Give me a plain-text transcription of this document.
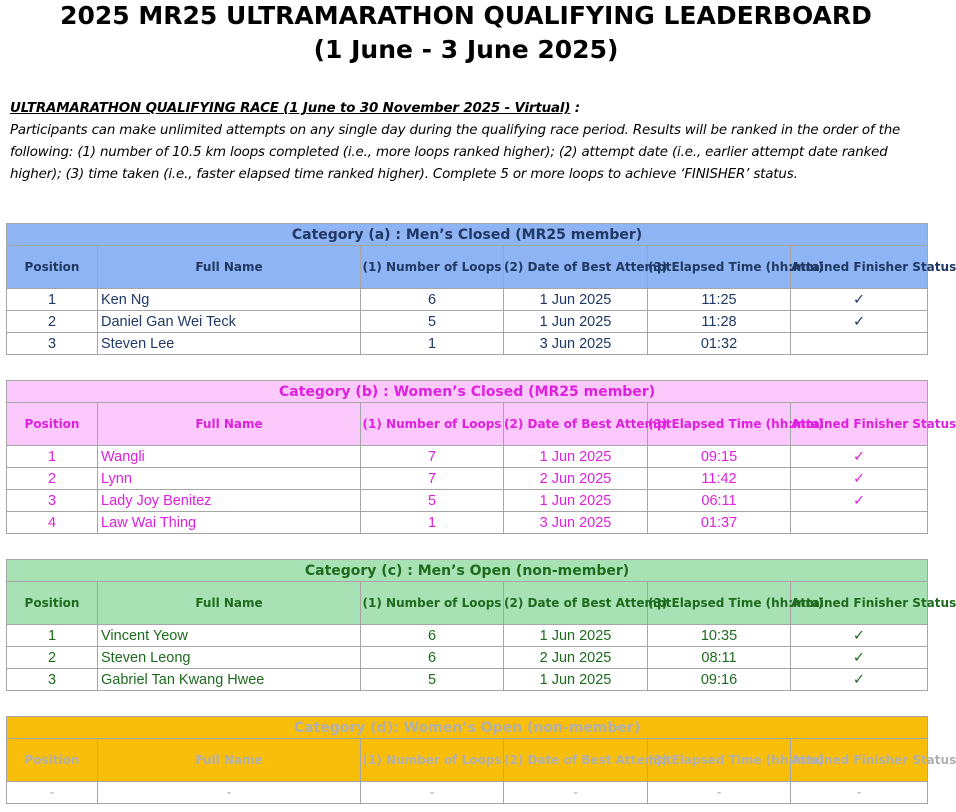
2025 MR25 ULTRAMARATHON QUALIFYING LEADERBOARD
(1 June - 3 June 2025)
ULTRAMARATHON QUALIFYING RACE (1 June to 30 November 2025 - Virtual) :
Participants can make unlimited attempts on any single day during the qualifying race period. Results will be ranked in the order of the following: (1) number of 10.5 km loops completed (i.e., more loops ranked higher); (2) attempt date (i.e., earlier attempt date ranked higher); (3) time taken (i.e., faster elapsed time ranked higher). Complete 5 or more loops to achieve ‘FINISHER’ status.
Category (a) : Men’s Closed (MR25 member)					
Position	Full Name	(1) Number of Loops	(2) Date of Best Attempt	(3) Elapsed Time (hh:mm)	Attained Finisher Status
1	Ken Ng	6	1 Jun 2025	11:25	✓
2	Daniel Gan Wei Teck	5	1 Jun 2025	11:28	✓
3	Steven Lee	1	3 Jun 2025	01:32	
Category (b) : Women’s Closed (MR25 member)					
Position	Full Name	(1) Number of Loops	(2) Date of Best Attempt	(3) Elapsed Time (hh:mm)	Attained Finisher Status
1	Wangli	7	1 Jun 2025	09:15	✓
2	Lynn	7	2 Jun 2025	11:42	✓
3	Lady Joy Benitez	5	1 Jun 2025	06:11	✓
4	Law Wai Thing	1	3 Jun 2025	01:37	
Category (c) : Men’s Open (non-member)					
Position	Full Name	(1) Number of Loops	(2) Date of Best Attempt	(3) Elapsed Time (hh:mm)	Attained Finisher Status
1	Vincent Yeow	6	1 Jun 2025	10:35	✓
2	Steven Leong	6	2 Jun 2025	08:11	✓
3	Gabriel Tan Kwang Hwee	5	1 Jun 2025	09:16	✓
Category (d): Women’s Open (non-member)					
Position	Full Name	(1) Number of Loops	(2) Date of Best Attempt	(3) Elapsed Time (hh:mm)	Attained Finisher Status
-	-	-	-	-	-
